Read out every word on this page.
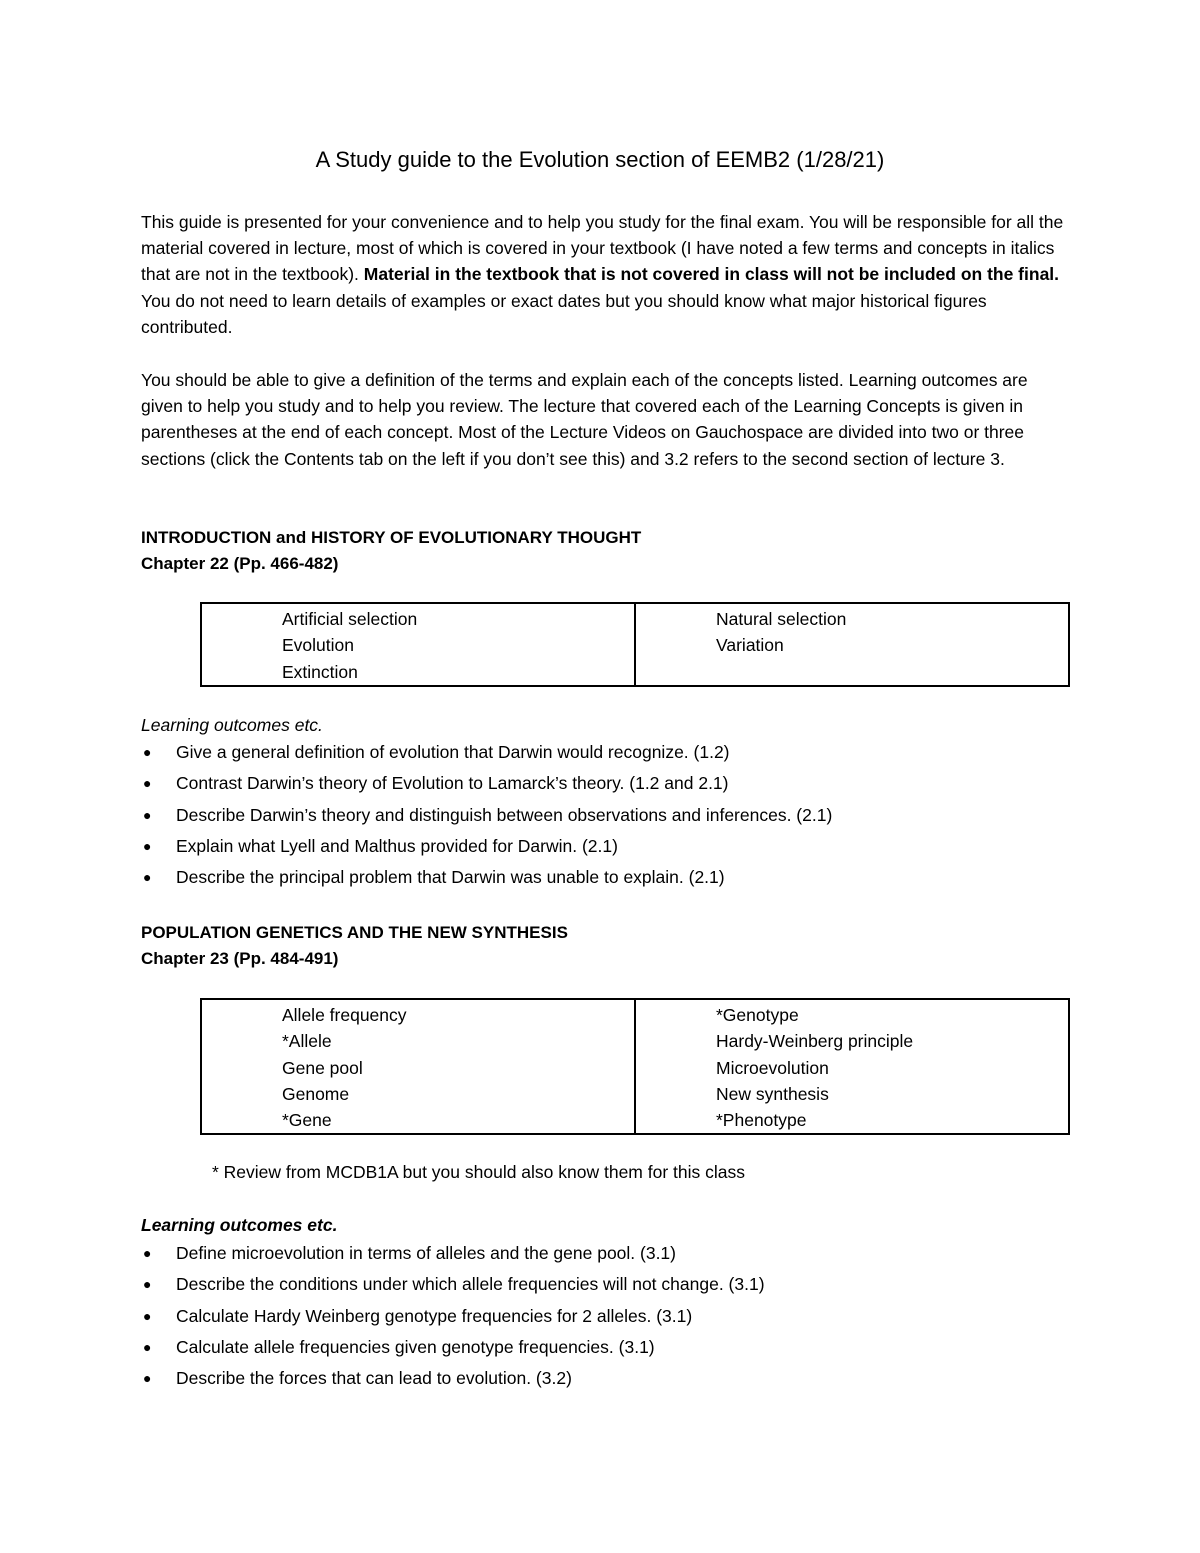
A Study guide to the Evolution section of EEMB2 (1/28/21)
This guide is presented for your convenience and to help you study for the final exam. You will be responsible for all the material covered in lecture, most of which is covered in your textbook (I have noted a few terms and concepts in italics that are not in the textbook). Material in the textbook that is not covered in class will not be included on the final. You do not need to learn details of examples or exact dates but you should know what major historical figures contributed.
You should be able to give a definition of the terms and explain each of the concepts listed. Learning outcomes are given to help you study and to help you review. The lecture that covered each of the Learning Concepts is given in parentheses at the end of each concept. Most of the Lecture Videos on Gauchospace are divided into two or three sections (click the Contents tab on the left if you don’t see this) and 3.2 refers to the second section of lecture 3.
INTRODUCTION and HISTORY OF EVOLUTIONARY THOUGHT
Chapter 22 (Pp. 466-482)
Artificial selection
Evolution
Extinction

Natural selection
Variation
Learning outcomes etc.
● Give a general definition of evolution that Darwin would recognize. (1.2)
● Contrast Darwin’s theory of Evolution to Lamarck’s theory. (1.2 and 2.1)
● Describe Darwin’s theory and distinguish between observations and inferences. (2.1)
● Explain what Lyell and Malthus provided for Darwin. (2.1)
● Describe the principal problem that Darwin was unable to explain. (2.1)
POPULATION GENETICS AND THE NEW SYNTHESIS
Chapter 23 (Pp. 484-491)
Allele frequency
*Allele
Gene pool
Genome
*Gene

*Genotype
Hardy-Weinberg principle
Microevolution
New synthesis
*Phenotype
* Review from MCDB1A but you should also know them for this class
Learning outcomes etc.
● Define microevolution in terms of alleles and the gene pool. (3.1)
● Describe the conditions under which allele frequencies will not change. (3.1)
● Calculate Hardy Weinberg genotype frequencies for 2 alleles. (3.1)
● Calculate allele frequencies given genotype frequencies. (3.1)
● Describe the forces that can lead to evolution. (3.2)
